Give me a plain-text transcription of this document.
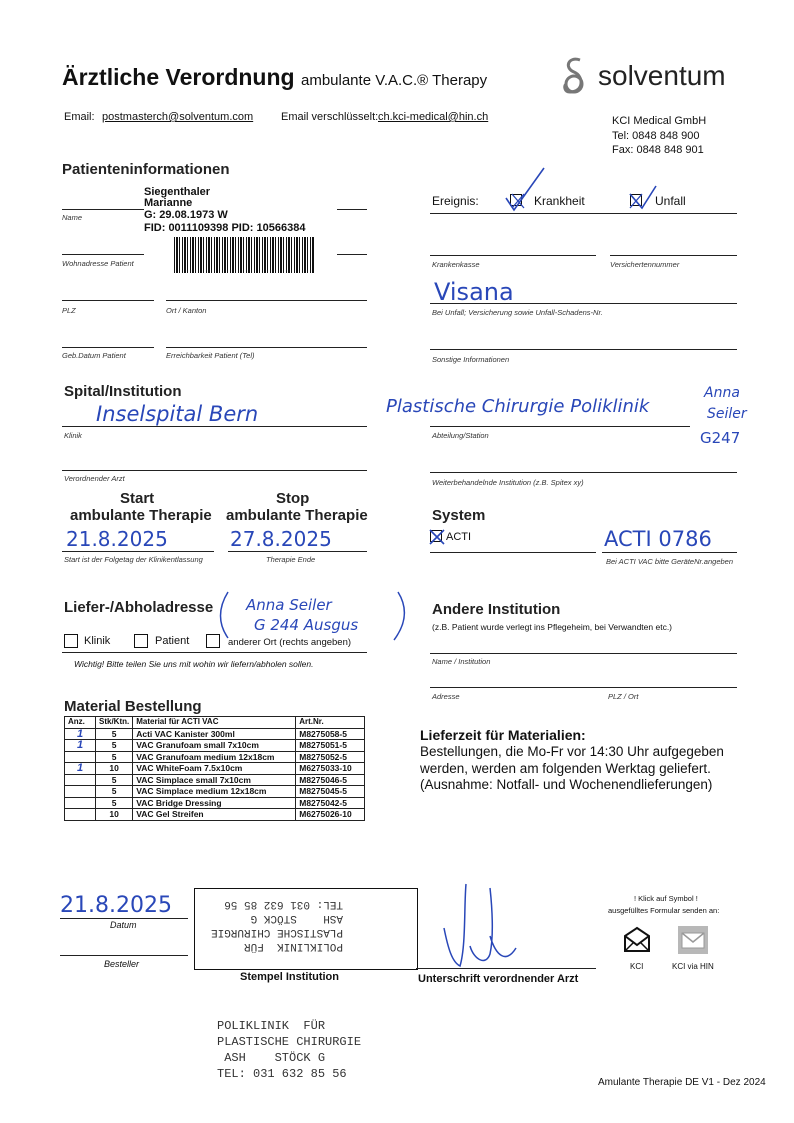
Ärztliche Verordnung ambulante V.A.C.® Therapy	solventum
Email: postmasterch@solventum.com	Email verschlüsselt: ch.kci-medical@hin.ch	KCI Medical GmbH
Tel: 0848 848 900
Fax: 0848 848 901
Patienteninformationen
Siegenthaler
Marianne
G: 29.08.1973 W
FID: 0011109398 PID: 10566384
Name
Wohnadresse Patient
PLZ	Ort / Kanton
Geb.Datum Patient	Erreichbarkeit Patient (Tel)
Ereignis:	Krankheit	Unfall
Krankenkasse	Versichertennummer
Visana
Bei Unfall; Versicherung sowie Unfall-Schadens-Nr.
Sonstige Informationen
Spital/Institution
Inselspital Bern
Klinik
Plastische Chirurgie Poliklinik
Anna
Seiler
G247
Abteilung/Station
Verordnender Arzt	Weiterbehandelnde Institution (z.B. Spitex xy)
Start
ambulante Therapie
Stop
ambulante Therapie
21.8.2025	27.8.2025
Start ist der Folgetag der Klinikentlassung	Therapie Ende
System
ACTI	ACTI 0786
Bei ACTI VAC bitte GeräteNr.angeben
Liefer-/Abholadresse Anna Seiler
G 244 Ausgus
Klinik	Patient	anderer Ort (rechts angeben)
Wichtig! Bitte teilen Sie uns mit wohin wir liefern/abholen sollen.
Andere Institution
(z.B. Patient wurde verlegt ins Pflegeheim, bei Verwandten etc.)
Name / Institution
Adresse	PLZ / Ort
Material Bestellung
Anz.	Stk/Ktn.	Material für ACTI VAC	Art.Nr.
1	5	Acti VAC Kanister 300ml	M8275058-5
1	5	VAC Granufoam small 7x10cm	M8275051-5
	5	VAC Granufoam medium 12x18cm	M8275052-5
1	10	VAC WhiteFoam 7.5x10cm	M6275033-10
	5	VAC Simplace small 7x10cm	M8275046-5
	5	VAC Simplace medium 12x18cm	M8275045-5
	5	VAC Bridge Dressing	M8275042-5
	10	VAC Gel Streifen	M6275026-10
Lieferzeit für Materialien:
Bestellungen, die Mo-Fr vor 14:30 Uhr aufgegeben
werden, werden am folgenden Werktag geliefert.
(Ausnahme: Notfall- und Wochenendlieferungen)
21.8.2025
Datum
Besteller
POLIKLINIK  FÜR
PLASTISCHE CHIRURGIE
ASH    STÖCK G
TEL: 031 632 85 56
Stempel Institution	Unterschrift verordnender Arzt
! Klick auf Symbol !
ausgefülltes Formular senden an:
KCI	KCI via HIN
POLIKLINIK  FÜR
PLASTISCHE CHIRURGIE
ASH    STÖCK G
TEL: 031 632 85 56
Amulante Therapie DE V1 - Dez 2024
